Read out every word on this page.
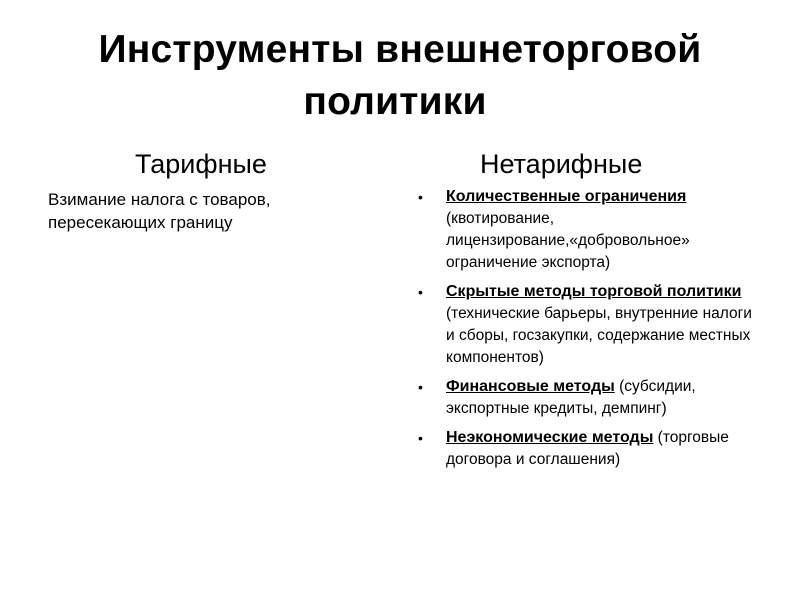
Инструменты внешнеторговой
политики
Тарифные

Взимание налога с товаров, пересекающих границу

Нетарифные
• Количественные ограничения (квотирование, лицензирование,«добровольное» ограничение экспорта)
• Скрытые методы торговой политики (технические барьеры, внутренние налоги и сборы, госзакупки, содержание местных компонентов)
• Финансовые методы (субсидии, экспортные кредиты, демпинг)
• Неэкономические методы (торговые договора и соглашения)
